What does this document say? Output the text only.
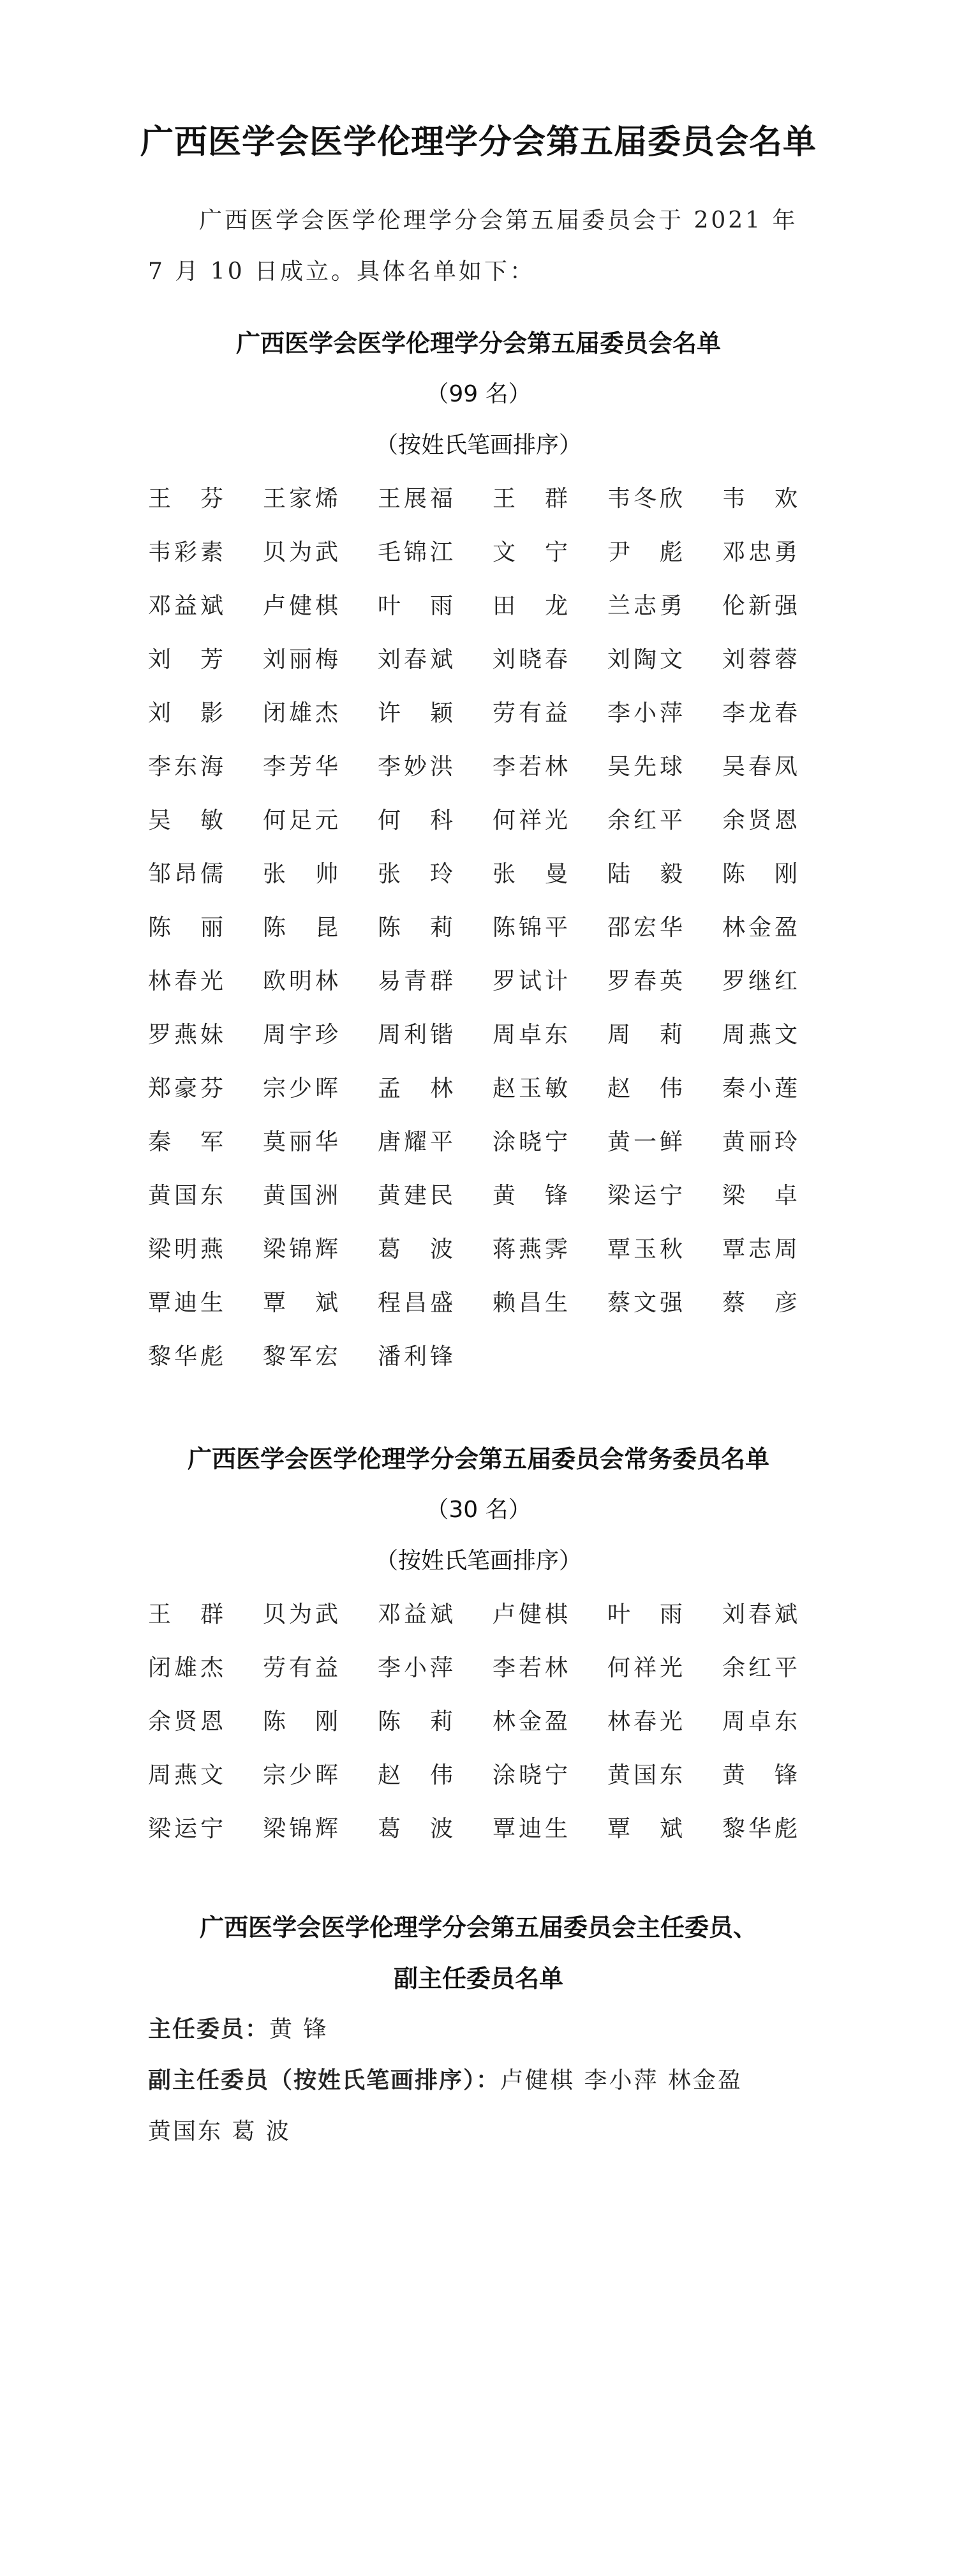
广西医学会医学伦理学分会第五届委员会名单

广西医学会医学伦理学分会第五届委员会于 2021 年 7 月 10 日成立。具体名单如下：

广西医学会医学伦理学分会第五届委员会名单

（99 名）

（按姓氏笔画排序）

王 芬 王 家 烯 王 展 福 王 群 韦 冬 欣 韦 欢
韦 彩 素 贝 为 武 毛 锦 江 文 宁 尹 彪 邓 忠 勇
邓 益 斌 卢 健 棋 叶 雨 田 龙 兰 志 勇 伦 新 强
刘 芳 刘 丽 梅 刘 春 斌 刘 晓 春 刘 陶 文 刘 蓉 蓉
刘 影 闭 雄 杰 许 颖 劳 有 益 李 小 萍 李 龙 春
李 东 海 李 芳 华 李 妙 洪 李 若 林 吴 先 球 吴 春 凤
吴 敏 何 足 元 何 科 何 祥 光 余 红 平 余 贤 恩
邹 昂 儒 张 帅 张 玲 张 曼 陆 毅 陈 刚
陈 丽 陈 昆 陈 莉 陈 锦 平 邵 宏 华 林 金 盈
林 春 光 欧 明 林 易 青 群 罗 试 计 罗 春 英 罗 继 红
罗 燕 妹 周 宇 珍 周 利 锴 周 卓 东 周 莉 周 燕 文
郑 豪 芬 宗 少 晖 孟 林 赵 玉 敏 赵 伟 秦 小 莲
秦 军 莫 丽 华 唐 耀 平 涂 晓 宁 黄 一 鲜 黄 丽 玲
黄 国 东 黄 国 洲 黄 建 民 黄 锋 梁 运 宁 梁 卓
梁 明 燕 梁 锦 辉 葛 波 蒋 燕 霁 覃 玉 秋 覃 志 周
覃 迪 生 覃 斌 程 昌 盛 赖 昌 生 蔡 文 强 蔡 彦
黎 华 彪 黎 军 宏 潘 利 锋

广西医学会医学伦理学分会第五届委员会常务委员名单

（30 名）

（按姓氏笔画排序）

王 群 贝 为 武 邓 益 斌 卢 健 棋 叶 雨 刘 春 斌
闭 雄 杰 劳 有 益 李 小 萍 李 若 林 何 祥 光 余 红 平
余 贤 恩 陈 刚 陈 莉 林 金 盈 林 春 光 周 卓 东
周 燕 文 宗 少 晖 赵 伟 涂 晓 宁 黄 国 东 黄 锋
梁 运 宁 梁 锦 辉 葛 波 覃 迪 生 覃 斌 黎 华 彪

广西医学会医学伦理学分会第五届委员会主任委员、

副主任委员名单

主任委员：黄 锋

副主任委员（按姓氏笔画排序）：卢健棋 李小萍 林金盈

黄国东 葛 波
